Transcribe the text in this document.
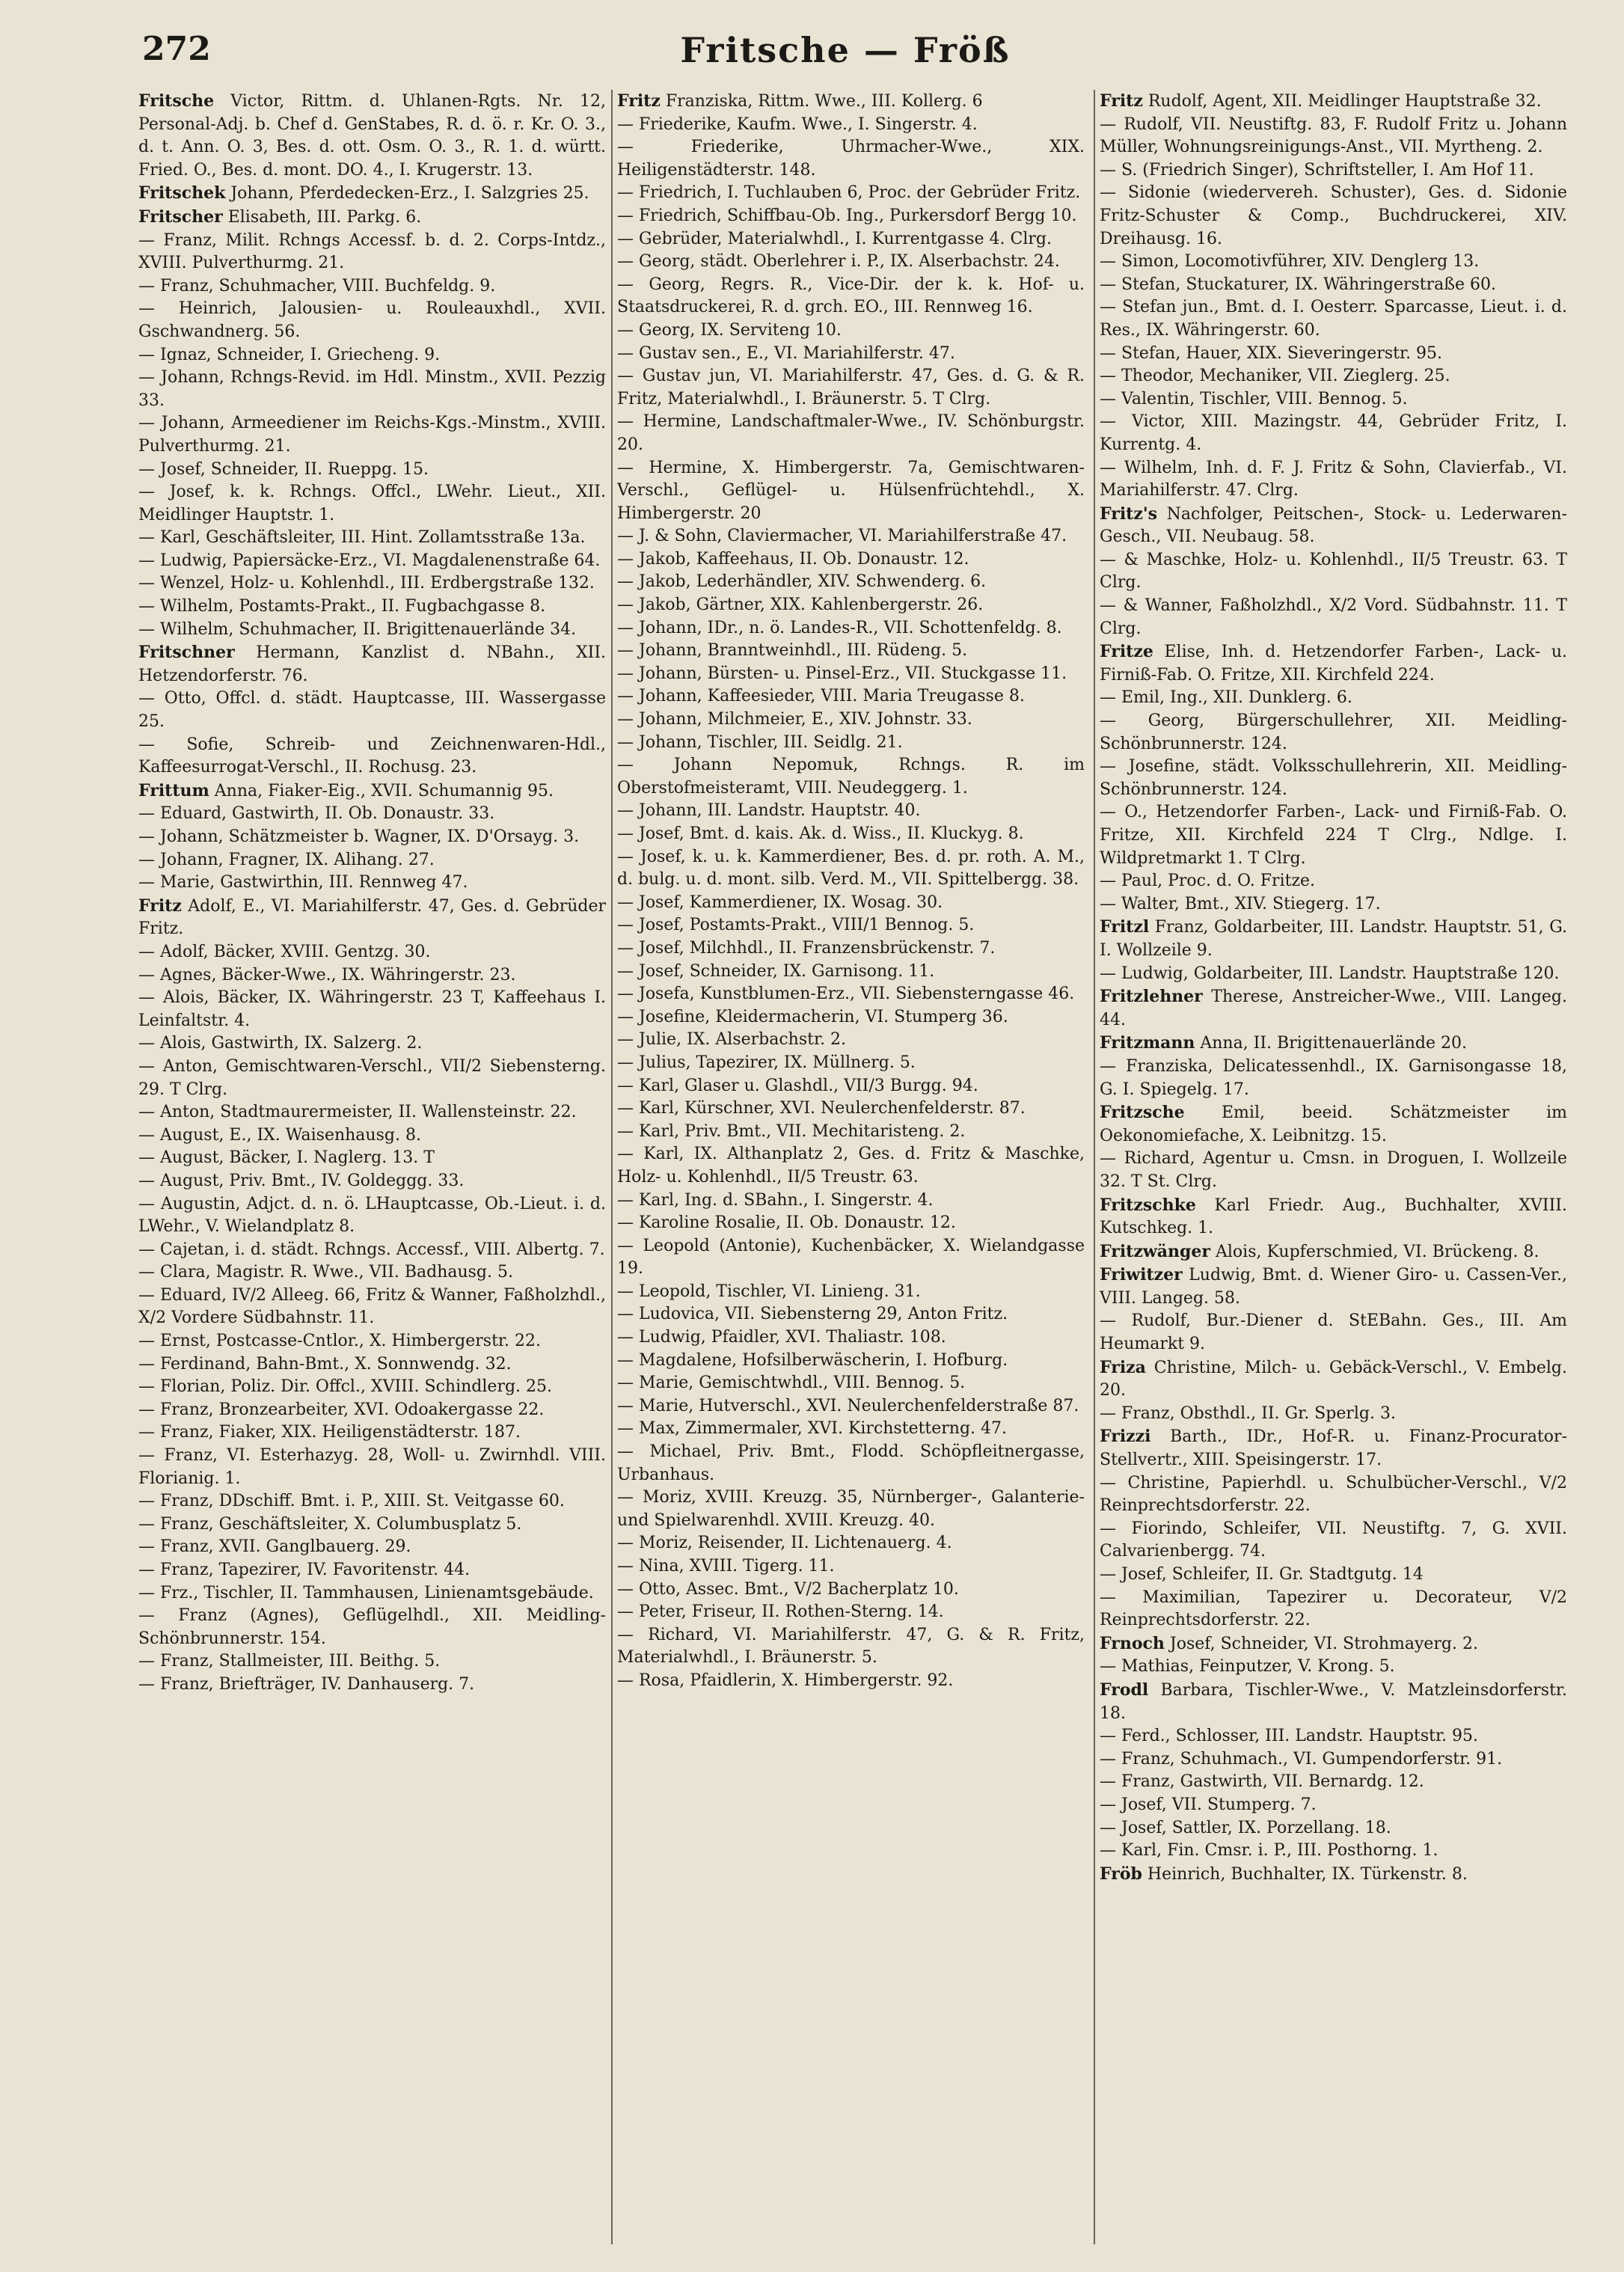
272	Fritsche — Fröß
Fritsche Victor, Rittm. d. Uhlanen-Rgts. Nr. 12, Personal-Adj. b. Chef d. GenStabes, R. d. ö. r. Kr. O. 3., d. t. Ann. O. 3, Bes. d. ott. Osm. O. 3., R. 1. d. württ. Fried. O., Bes. d. mont. DO. 4., I. Krugerstr. 13.
Fritschek Johann, Pferdedecken-Erz., I. Salzgries 25.
Fritscher Elisabeth, III. Parkg. 6.
— Franz, Milit. Rchngs Accessf. b. d. 2. Corps-Intdz., XVIII. Pulverthurmg. 21.
— Franz, Schuhmacher, VIII. Buchfeldg. 9.
— Heinrich, Jalousien- u. Rouleauxhdl., XVII. Gschwandnerg. 56.
— Ignaz, Schneider, I. Griecheng. 9.
— Johann, Rchngs-Revid. im Hdl. Minstm., XVII. Pezzig 33.
— Johann, Armeediener im Reichs-Kgs.-Minstm., XVIII. Pulverthurmg. 21.
— Josef, Schneider, II. Rueppg. 15.
— Josef, k. k. Rchngs. Offcl., LWehr. Lieut., XII. Meidlinger Hauptstr. 1.
— Karl, Geschäftsleiter, III. Hint. Zollamtsstraße 13a.
— Ludwig, Papiersäcke-Erz., VI. Magdalenenstraße 64.
— Wenzel, Holz- u. Kohlenhdl., III. Erdbergstraße 132.
— Wilhelm, Postamts-Prakt., II. Fugbachgasse 8.
— Wilhelm, Schuhmacher, II. Brigittenauerlände 34.
Fritschner Hermann, Kanzlist d. NBahn., XII. Hetzendorferstr. 76.
— Otto, Offcl. d. städt. Hauptcasse, III. Wassergasse 25.
— Sofie, Schreib- und Zeichnenwaren-Hdl., Kaffeesurrogat-Verschl., II. Rochusg. 23.
Frittum Anna, Fiaker-Eig., XVII. Schumannig 95.
— Eduard, Gastwirth, II. Ob. Donaustr. 33.
— Johann, Schätzmeister b. Wagner, IX. D'Orsayg. 3.
— Johann, Fragner, IX. Alihang. 27.
— Marie, Gastwirthin, III. Rennweg 47.
Fritz Adolf, E., VI. Mariahilferstr. 47, Ges. d. Gebrüder Fritz.
— Adolf, Bäcker, XVIII. Gentzg. 30.
— Agnes, Bäcker-Wwe., IX. Währingerstr. 23.
— Alois, Bäcker, IX. Währingerstr. 23 T, Kaffeehaus I. Leinfaltstr. 4.
— Alois, Gastwirth, IX. Salzerg. 2.
— Anton, Gemischtwaren-Verschl., VII/2 Siebensterng. 29. T Clrg.
— Anton, Stadtmaurermeister, II. Wallensteinstr. 22.
— August, E., IX. Waisenhausg. 8.
— August, Bäcker, I. Naglerg. 13. T
— August, Priv. Bmt., IV. Goldeggg. 33.
— Augustin, Adjct. d. n. ö. LHauptcasse, Ob.-Lieut. i. d. LWehr., V. Wielandplatz 8.
— Cajetan, i. d. städt. Rchngs. Accessf., VIII. Albertg. 7.
— Clara, Magistr. R. Wwe., VII. Badhausg. 5.
— Eduard, IV/2 Alleeg. 66, Fritz & Wanner, Faßholzhdl., X/2 Vordere Südbahnstr. 11.
— Ernst, Postcasse-Cntlor., X. Himbergerstr. 22.
— Ferdinand, Bahn-Bmt., X. Sonnwendg. 32.
— Florian, Poliz. Dir. Offcl., XVIII. Schindlerg. 25.
— Franz, Bronzearbeiter, XVI. Odoakergasse 22.
— Franz, Fiaker, XIX. Heiligenstädterstr. 187.
— Franz, VI. Esterhazyg. 28, Woll- u. Zwirnhdl. VIII. Florianig. 1.
— Franz, DDschiff. Bmt. i. P., XIII. St. Veitgasse 60.
— Franz, Geschäftsleiter, X. Columbusplatz 5.
— Franz, XVII. Ganglbauerg. 29.
— Franz, Tapezirer, IV. Favoritenstr. 44.
— Frz., Tischler, II. Tammhausen, Linienamtsgebäude.
— Franz (Agnes), Geflügelhdl., XII. Meidling-Schönbrunnerstr. 154.
— Franz, Stallmeister, III. Beithg. 5.
— Franz, Briefträger, IV. Danhauserg. 7.
Fritz Franziska, Rittm. Wwe., III. Kollerg. 6
— Friederike, Kaufm. Wwe., I. Singerstr. 4.
— Friederike, Uhrmacher-Wwe., XIX. Heiligenstädterstr. 148.
— Friedrich, I. Tuchlauben 6, Proc. der Gebrüder Fritz.
— Friedrich, Schiffbau-Ob. Ing., Purkersdorf Bergg 10.
— Gebrüder, Materialwhdl., I. Kurrentgasse 4. Clrg.
— Georg, städt. Oberlehrer i. P., IX. Alserbachstr. 24.
— Georg, Regrs. R., Vice-Dir. der k. k. Hof- u. Staatsdruckerei, R. d. grch. EO., III. Rennweg 16.
— Georg, IX. Serviteng 10.
— Gustav sen., E., VI. Mariahilferstr. 47.
— Gustav jun, VI. Mariahilferstr. 47, Ges. d. G. & R. Fritz, Materialwhdl., I. Bräunerstr. 5. T Clrg.
— Hermine, Landschaftmaler-Wwe., IV. Schönburgstr. 20.
— Hermine, X. Himbergerstr. 7a, Gemischtwaren-Verschl., Geflügel- u. Hülsenfrüchtehdl., X. Himbergerstr. 20
— J. & Sohn, Claviermacher, VI. Mariahilferstraße 47.
— Jakob, Kaffeehaus, II. Ob. Donaustr. 12.
— Jakob, Lederhändler, XIV. Schwenderg. 6.
— Jakob, Gärtner, XIX. Kahlenbergerstr. 26.
— Johann, IDr., n. ö. Landes-R., VII. Schottenfeldg. 8.
— Johann, Branntweinhdl., III. Rüdeng. 5.
— Johann, Bürsten- u. Pinsel-Erz., VII. Stuckgasse 11.
— Johann, Kaffeesieder, VIII. Maria Treugasse 8.
— Johann, Milchmeier, E., XIV. Johnstr. 33.
— Johann, Tischler, III. Seidlg. 21.
— Johann Nepomuk, Rchngs. R. im Oberstofmeisteramt, VIII. Neudeggerg. 1.
— Johann, III. Landstr. Hauptstr. 40.
— Josef, Bmt. d. kais. Ak. d. Wiss., II. Kluckyg. 8.
— Josef, k. u. k. Kammerdiener, Bes. d. pr. roth. A. M., d. bulg. u. d. mont. silb. Verd. M., VII. Spittelbergg. 38.
— Josef, Kammerdiener, IX. Wosag. 30.
— Josef, Postamts-Prakt., VIII/1 Bennog. 5.
— Josef, Milchhdl., II. Franzensbrückenstr. 7.
— Josef, Schneider, IX. Garnisong. 11.
— Josefa, Kunstblumen-Erz., VII. Siebensterngasse 46.
— Josefine, Kleidermacherin, VI. Stumperg 36.
— Julie, IX. Alserbachstr. 2.
— Julius, Tapezirer, IX. Müllnerg. 5.
— Karl, Glaser u. Glashdl., VII/3 Burgg. 94.
— Karl, Kürschner, XVI. Neulerchenfelderstr. 87.
— Karl, Priv. Bmt., VII. Mechitaristeng. 2.
— Karl, IX. Althanplatz 2, Ges. d. Fritz & Maschke, Holz- u. Kohlenhdl., II/5 Treustr. 63.
— Karl, Ing. d. SBahn., I. Singerstr. 4.
— Karoline Rosalie, II. Ob. Donaustr. 12.
— Leopold (Antonie), Kuchenbäcker, X. Wielandgasse 19.
— Leopold, Tischler, VI. Linieng. 31.
— Ludovica, VII. Siebensterng 29, Anton Fritz.
— Ludwig, Pfaidler, XVI. Thaliastr. 108.
— Magdalene, Hofsilberwäscherin, I. Hofburg.
— Marie, Gemischtwhdl., VIII. Bennog. 5.
— Marie, Hutverschl., XVI. Neulerchenfelderstraße 87.
— Max, Zimmermaler, XVI. Kirchstetterng. 47.
— Michael, Priv. Bmt., Flodd. Schöpfleitnergasse, Urbanhaus.
— Moriz, XVIII. Kreuzg. 35, Nürnberger-, Galanterie- und Spielwarenhdl. XVIII. Kreuzg. 40.
— Moriz, Reisender, II. Lichtenauerg. 4.
— Nina, XVIII. Tigerg. 11.
— Otto, Assec. Bmt., V/2 Bacherplatz 10.
— Peter, Friseur, II. Rothen-Sterng. 14.
— Richard, VI. Mariahilferstr. 47, G. & R. Fritz, Materialwhdl., I. Bräunerstr. 5.
— Rosa, Pfaidlerin, X. Himbergerstr. 92.
Fritz Rudolf, Agent, XII. Meidlinger Hauptstraße 32.
— Rudolf, VII. Neustiftg. 83, F. Rudolf Fritz u. Johann Müller, Wohnungsreinigungs-Anst., VII. Myrtheng. 2.
— S. (Friedrich Singer), Schriftsteller, I. Am Hof 11.
— Sidonie (wiedervereh. Schuster), Ges. d. Sidonie Fritz-Schuster & Comp., Buchdruckerei, XIV. Dreihausg. 16.
— Simon, Locomotivführer, XIV. Denglerg 13.
— Stefan, Stuckaturer, IX. Währingerstraße 60.
— Stefan jun., Bmt. d. I. Oesterr. Sparcasse, Lieut. i. d. Res., IX. Währingerstr. 60.
— Stefan, Hauer, XIX. Sieveringerstr. 95.
— Theodor, Mechaniker, VII. Zieglerg. 25.
— Valentin, Tischler, VIII. Bennog. 5.
— Victor, XIII. Mazingstr. 44, Gebrüder Fritz, I. Kurrentg. 4.
— Wilhelm, Inh. d. F. J. Fritz & Sohn, Clavierfab., VI. Mariahilferstr. 47. Clrg.
Fritz's Nachfolger, Peitschen-, Stock- u. Lederwaren-Gesch., VII. Neubaug. 58.
— & Maschke, Holz- u. Kohlenhdl., II/5 Treustr. 63. T Clrg.
— & Wanner, Faßholzhdl., X/2 Vord. Südbahnstr. 11. T Clrg.
Fritze Elise, Inh. d. Hetzendorfer Farben-, Lack- u. Firniß-Fab. O. Fritze, XII. Kirchfeld 224.
— Emil, Ing., XII. Dunklerg. 6.
— Georg, Bürgerschullehrer, XII. Meidling-Schönbrunnerstr. 124.
— Josefine, städt. Volksschullehrerin, XII. Meidling-Schönbrunnerstr. 124.
— O., Hetzendorfer Farben-, Lack- und Firniß-Fab. O. Fritze, XII. Kirchfeld 224 T Clrg., Ndlge. I. Wildpretmarkt 1. T Clrg.
— Paul, Proc. d. O. Fritze.
— Walter, Bmt., XIV. Stiegerg. 17.
Fritzl Franz, Goldarbeiter, III. Landstr. Hauptstr. 51, G. I. Wollzeile 9.
— Ludwig, Goldarbeiter, III. Landstr. Hauptstraße 120.
Fritzlehner Therese, Anstreicher-Wwe., VIII. Langeg. 44.
Fritzmann Anna, II. Brigittenauerlände 20.
— Franziska, Delicatessenhdl., IX. Garnisongasse 18, G. I. Spiegelg. 17.
Fritzsche Emil, beeid. Schätzmeister im Oekonomiefache, X. Leibnitzg. 15.
— Richard, Agentur u. Cmsn. in Droguen, I. Wollzeile 32. T St. Clrg.
Fritzschke Karl Friedr. Aug., Buchhalter, XVIII. Kutschkeg. 1.
Fritzwänger Alois, Kupferschmied, VI. Brückeng. 8.
Friwitzer Ludwig, Bmt. d. Wiener Giro- u. Cassen-Ver., VIII. Langeg. 58.
— Rudolf, Bur.-Diener d. StEBahn. Ges., III. Am Heumarkt 9.
Friza Christine, Milch- u. Gebäck-Verschl., V. Embelg. 20.
— Franz, Obsthdl., II. Gr. Sperlg. 3.
Frizzi Barth., IDr., Hof-R. u. Finanz-Procurator-Stellvertr., XIII. Speisingerstr. 17.
— Christine, Papierhdl. u. Schulbücher-Verschl., V/2 Reinprechtsdorferstr. 22.
— Fiorindo, Schleifer, VII. Neustiftg. 7, G. XVII. Calvarienbergg. 74.
— Josef, Schleifer, II. Gr. Stadtgutg. 14
— Maximilian, Tapezirer u. Decorateur, V/2 Reinprechtsdorferstr. 22.
Frnoch Josef, Schneider, VI. Strohmayerg. 2.
— Mathias, Feinputzer, V. Krong. 5.
Frodl Barbara, Tischler-Wwe., V. Matzleinsdorferstr. 18.
— Ferd., Schlosser, III. Landstr. Hauptstr. 95.
— Franz, Schuhmach., VI. Gumpendorferstr. 91.
— Franz, Gastwirth, VII. Bernardg. 12.
— Josef, VII. Stumperg. 7.
— Josef, Sattler, IX. Porzellang. 18.
— Karl, Fin. Cmsr. i. P., III. Posthorng. 1.
Fröb Heinrich, Buchhalter, IX. Türkenstr. 8.
